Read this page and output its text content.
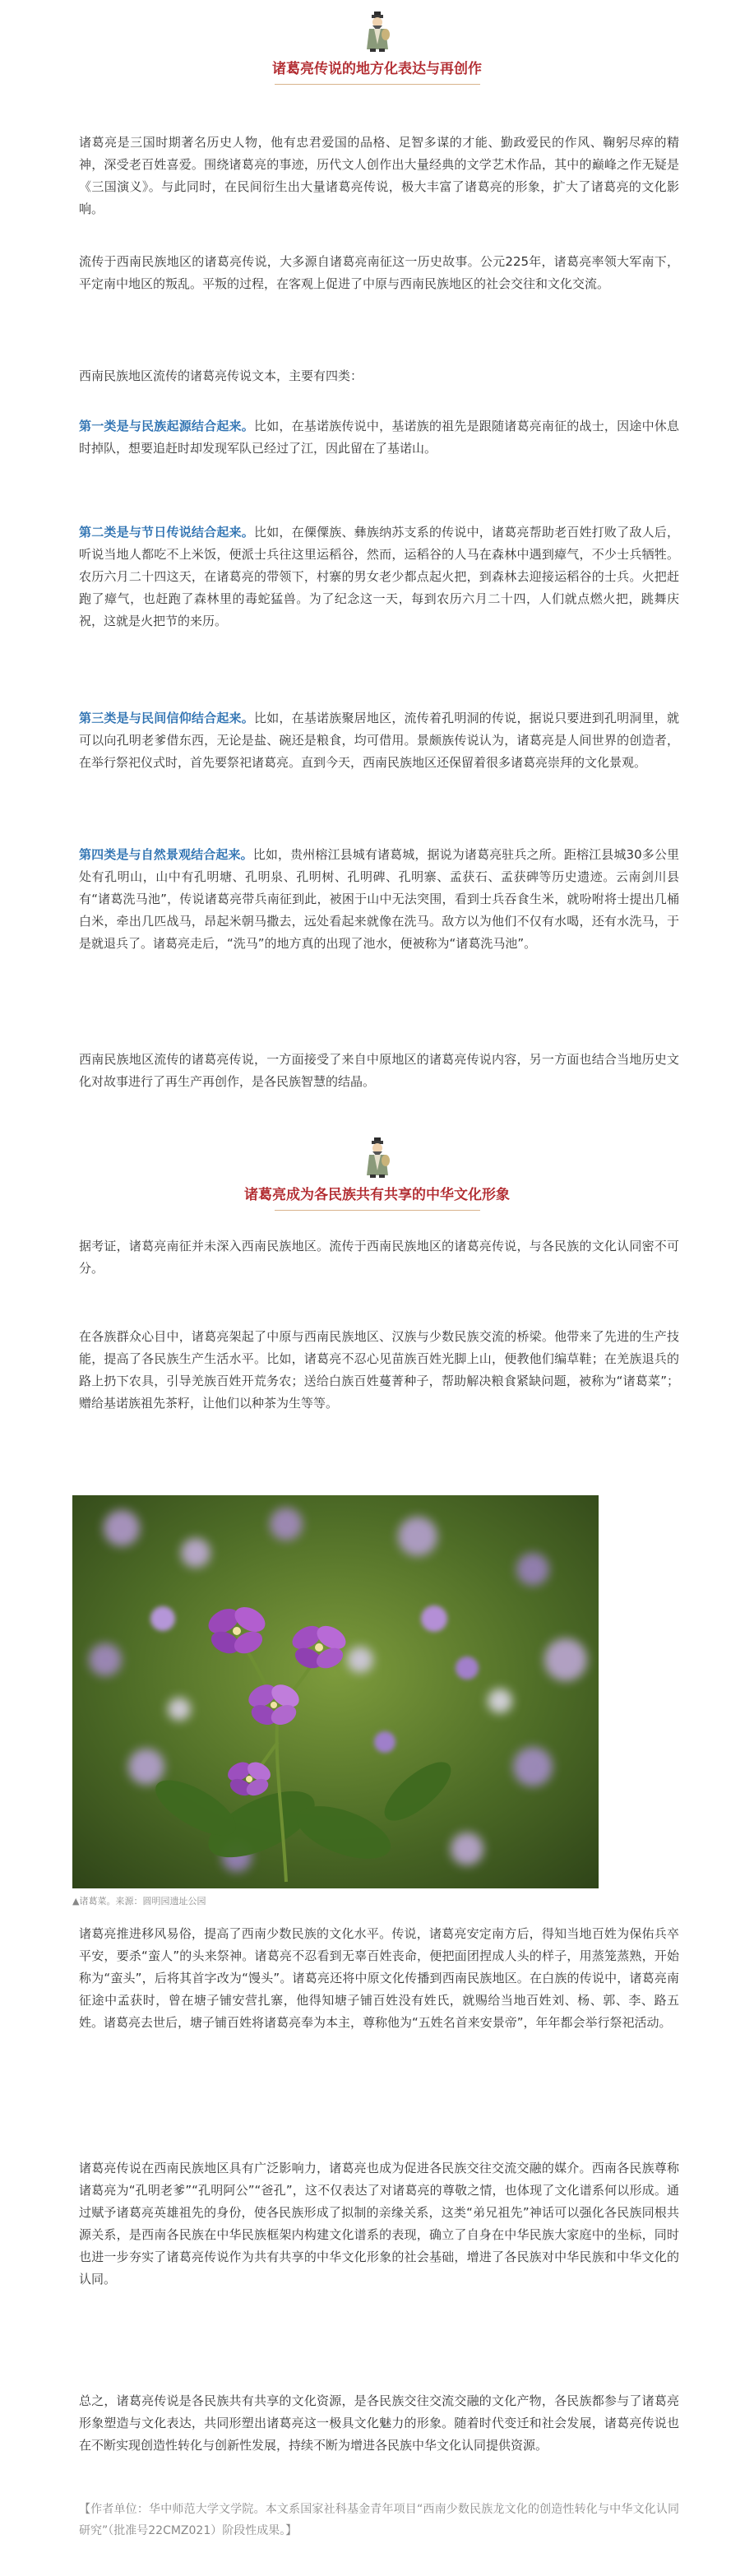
诸葛亮传说的地方化表达与再创作

诸葛亮是三国时期著名历史人物，他有忠君爱国的品格、足智多谋的才能、勤政爱民的作风、鞠躬尽瘁的精神，深受老百姓喜爱。围绕诸葛亮的事迹，历代文人创作出大量经典的文学艺术作品，其中的巅峰之作无疑是《三国演义》。与此同时，在民间衍生出大量诸葛亮传说，极大丰富了诸葛亮的形象，扩大了诸葛亮的文化影响。

流传于西南民族地区的诸葛亮传说，大多源自诸葛亮南征这一历史故事。公元225年，诸葛亮率领大军南下，平定南中地区的叛乱。平叛的过程，在客观上促进了中原与西南民族地区的社会交往和文化交流。

西南民族地区流传的诸葛亮传说文本，主要有四类：

第一类是与民族起源结合起来。比如，在基诺族传说中，基诺族的祖先是跟随诸葛亮南征的战士，因途中休息时掉队，想要追赶时却发现军队已经过了江，因此留在了基诺山。

第二类是与节日传说结合起来。比如，在傈僳族、彝族纳苏支系的传说中，诸葛亮帮助老百姓打败了敌人后，听说当地人都吃不上米饭，便派士兵往这里运稻谷，然而，运稻谷的人马在森林中遇到瘴气，不少士兵牺牲。农历六月二十四这天，在诸葛亮的带领下，村寨的男女老少都点起火把，到森林去迎接运稻谷的士兵。火把赶跑了瘴气，也赶跑了森林里的毒蛇猛兽。为了纪念这一天，每到农历六月二十四，人们就点燃火把，跳舞庆祝，这就是火把节的来历。

第三类是与民间信仰结合起来。比如，在基诺族聚居地区，流传着孔明洞的传说，据说只要进到孔明洞里，就可以向孔明老爹借东西，无论是盐、碗还是粮食，均可借用。景颇族传说认为，诸葛亮是人间世界的创造者，在举行祭祀仪式时，首先要祭祀诸葛亮。直到今天，西南民族地区还保留着很多诸葛亮崇拜的文化景观。

第四类是与自然景观结合起来。比如，贵州榕江县城有诸葛城，据说为诸葛亮驻兵之所。距榕江县城30多公里处有孔明山，山中有孔明塘、孔明泉、孔明树、孔明碑、孔明寨、孟获石、孟获碑等历史遗迹。云南剑川县有“诸葛洗马池”，传说诸葛亮带兵南征到此，被困于山中无法突围，看到士兵吞食生米，就吩咐将士提出几桶白米，牵出几匹战马，昂起米朝马撒去，远处看起来就像在洗马。敌方以为他们不仅有水喝，还有水洗马，于是就退兵了。诸葛亮走后，“洗马”的地方真的出现了池水，便被称为“诸葛洗马池”。

西南民族地区流传的诸葛亮传说，一方面接受了来自中原地区的诸葛亮传说内容，另一方面也结合当地历史文化对故事进行了再生产再创作，是各民族智慧的结晶。

诸葛亮成为各民族共有共享的中华文化形象

据考证，诸葛亮南征并未深入西南民族地区。流传于西南民族地区的诸葛亮传说，与各民族的文化认同密不可分。

在各族群众心目中，诸葛亮架起了中原与西南民族地区、汉族与少数民族交流的桥梁。他带来了先进的生产技能，提高了各民族生产生活水平。比如，诸葛亮不忍心见苗族百姓光脚上山，便教他们编草鞋；在羌族退兵的路上扔下农具，引导羌族百姓开荒务农；送给白族百姓蔓菁种子，帮助解决粮食紧缺问题，被称为“诸葛菜”；赠给基诺族祖先茶籽，让他们以种茶为生等等。

▲诸葛菜。来源：圆明园遗址公园

诸葛亮推进移风易俗，提高了西南少数民族的文化水平。传说，诸葛亮安定南方后，得知当地百姓为保佑兵卒平安，要杀“蛮人”的头来祭神。诸葛亮不忍看到无辜百姓丧命，便把面团捏成人头的样子，用蒸笼蒸熟，开始称为“蛮头”，后将其首字改为“馒头”。诸葛亮还将中原文化传播到西南民族地区。在白族的传说中，诸葛亮南征途中孟获时，曾在塘子铺安营扎寨，他得知塘子铺百姓没有姓氏，就赐给当地百姓刘、杨、郭、李、路五姓。诸葛亮去世后，塘子铺百姓将诸葛亮奉为本主，尊称他为“五姓名首来安景帝”，年年都会举行祭祀活动。

诸葛亮传说在西南民族地区具有广泛影响力，诸葛亮也成为促进各民族交往交流交融的媒介。西南各民族尊称诸葛亮为“孔明老爹”“孔明阿公”“爸孔”，这不仅表达了对诸葛亮的尊敬之情，也体现了文化谱系何以形成。通过赋予诸葛亮英雄祖先的身份，使各民族形成了拟制的亲缘关系，这类“弟兄祖先”神话可以强化各民族同根共源关系，是西南各民族在中华民族框架内构建文化谱系的表现，确立了自身在中华民族大家庭中的坐标，同时也进一步夯实了诸葛亮传说作为共有共享的中华文化形象的社会基础，增进了各民族对中华民族和中华文化的认同。

总之，诸葛亮传说是各民族共有共享的文化资源，是各民族交往交流交融的文化产物，各民族都参与了诸葛亮形象塑造与文化表达，共同形塑出诸葛亮这一极具文化魅力的形象。随着时代变迁和社会发展，诸葛亮传说也在不断实现创造性转化与创新性发展，持续不断为增进各民族中华文化认同提供资源。

【作者单位：华中师范大学文学院。本文系国家社科基金青年项目“西南少数民族龙文化的创造性转化与中华文化认同研究”（批准号22CMZ021）阶段性成果。】
